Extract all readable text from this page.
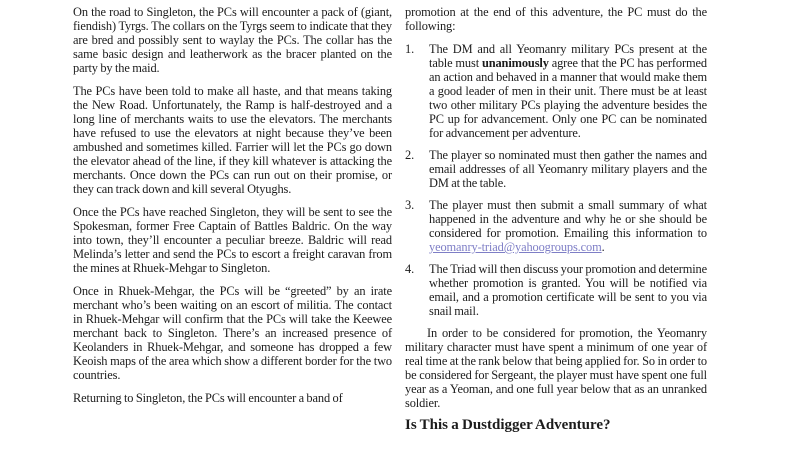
On the road to Singleton, the PCs will encounter a pack of (giant, fiendish) Tyrgs. The collars on the Tyrgs seem to indicate that they are bred and possibly sent to waylay the PCs. The collar has the same basic design and leatherwork as the bracer planted on the party by the maid.

The PCs have been told to make all haste, and that means taking the New Road. Unfortunately, the Ramp is half-destroyed and a long line of merchants waits to use the elevators. The merchants have refused to use the elevators at night because they’ve been ambushed and sometimes killed. Farrier will let the PCs go down the elevator ahead of the line, if they kill whatever is attacking the merchants. Once down the PCs can run out on their promise, or they can track down and kill several Otyughs.

Once the PCs have reached Singleton, they will be sent to see the Spokesman, former Free Captain of Battles Baldric. On the way into town, they’ll encounter a peculiar breeze. Baldric will read Melinda’s letter and send the PCs to escort a freight caravan from the mines at Rhuek-Mehgar to Singleton.

Once in Rhuek-Mehgar, the PCs will be “greeted” by an irate merchant who’s been waiting on an escort of militia. The contact in Rhuek-Mehgar will confirm that the PCs will take the Keewee merchant back to Singleton. There’s an increased presence of Keolanders in Rhuek-Mehgar, and someone has dropped a few Keoish maps of the area which show a different border for the two countries.

Returning to Singleton, the PCs will encounter a band of

promotion at the end of this adventure, the PC must do the following:

1.	The DM and all Yeomanry military PCs present at the table must unanimously agree that the PC has performed an action and behaved in a manner that would make them a good leader of men in their unit. There must be at least two other military PCs playing the adventure besides the PC up for advancement. Only one PC can be nominated for advancement per adventure.
2.	The player so nominated must then gather the names and email addresses of all Yeomanry military players and the DM at the table.
3.	The player must then submit a small summary of what happened in the adventure and why he or she should be considered for promotion. Emailing this information to yeomanry-triad@yahoogroups.com.
4.	The Triad will then discuss your promotion and determine whether promotion is granted. You will be notified via email, and a promotion certificate will be sent to you via snail mail.

In order to be considered for promotion, the Yeomanry military character must have spent a minimum of one year of real time at the rank below that being applied for. So in order to be considered for Sergeant, the player must have spent one full year as a Yeoman, and one full year below that as an unranked soldier.

Is This a Dustdigger Adventure?
